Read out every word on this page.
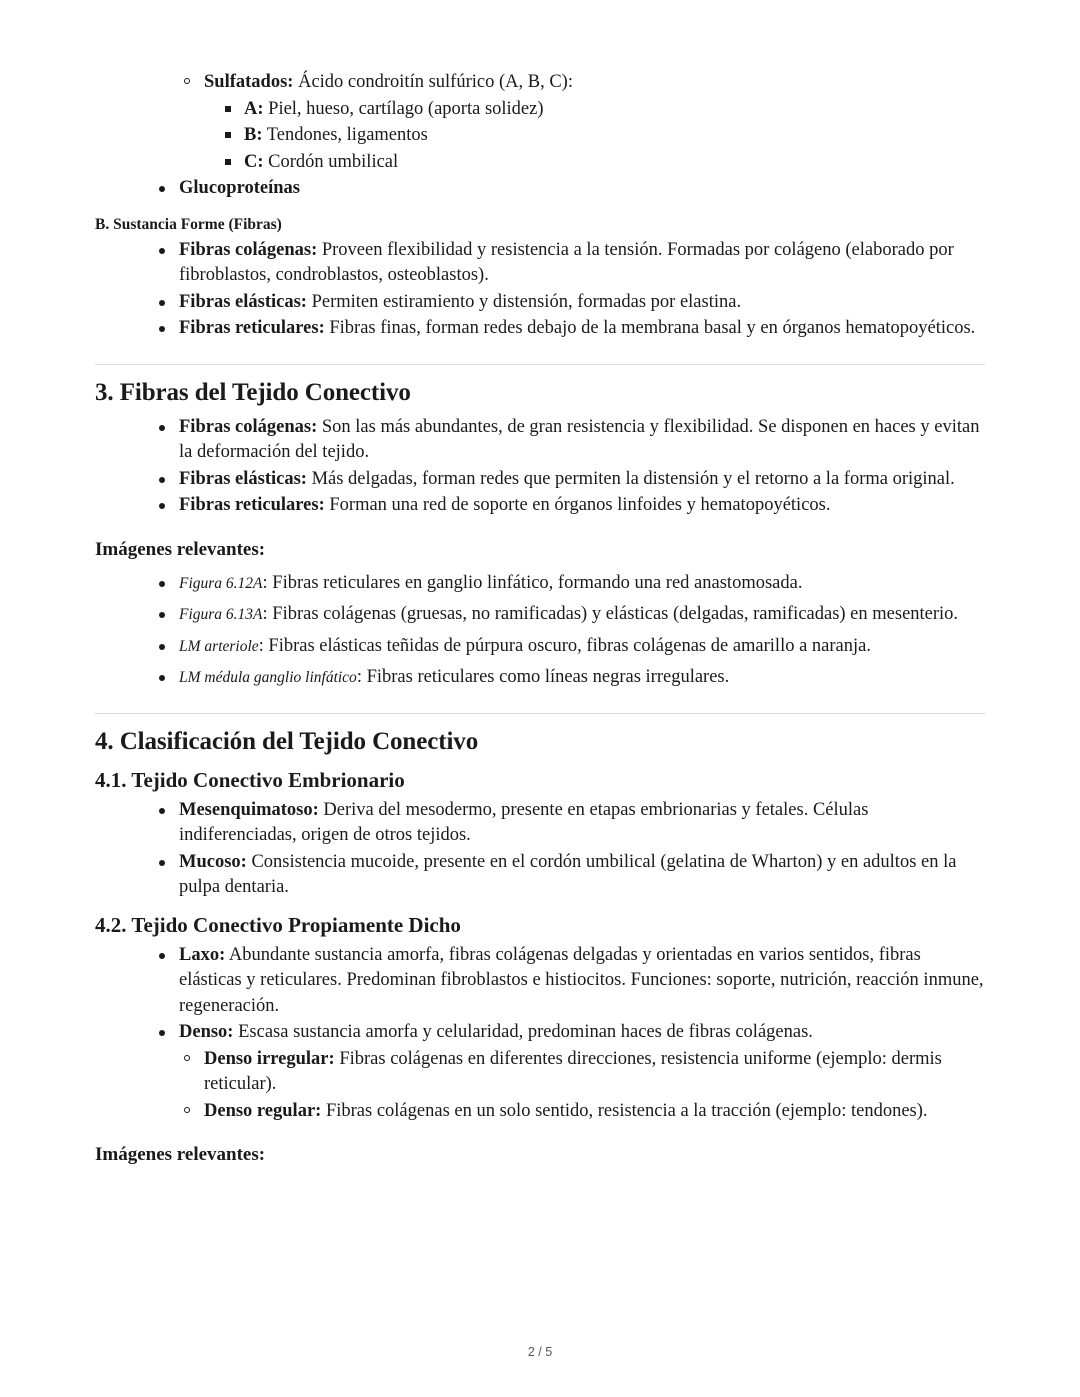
Sulfatados: Ácido condroitín sulfúrico (A, B, C):
A: Piel, hueso, cartílago (aporta solidez)
B: Tendones, ligamentos
C: Cordón umbilical
Glucoproteínas
B. Sustancia Forme (Fibras)
Fibras colágenas: Proveen flexibilidad y resistencia a la tensión. Formadas por colágeno (elaborado por fibroblastos, condroblastos, osteoblastos).
Fibras elásticas: Permiten estiramiento y distensión, formadas por elastina.
Fibras reticulares: Fibras finas, forman redes debajo de la membrana basal y en órganos hematopoyéticos.
3. Fibras del Tejido Conectivo
Fibras colágenas: Son las más abundantes, de gran resistencia y flexibilidad. Se disponen en haces y evitan la deformación del tejido.
Fibras elásticas: Más delgadas, forman redes que permiten la distensión y el retorno a la forma original.
Fibras reticulares: Forman una red de soporte en órganos linfoides y hematopoyéticos.
Imágenes relevantes:
Figura 6.12A: Fibras reticulares en ganglio linfático, formando una red anastomosada.
Figura 6.13A: Fibras colágenas (gruesas, no ramificadas) y elásticas (delgadas, ramificadas) en mesenterio.
LM arteriole: Fibras elásticas teñidas de púrpura oscuro, fibras colágenas de amarillo a naranja.
LM médula ganglio linfático: Fibras reticulares como líneas negras irregulares.
4. Clasificación del Tejido Conectivo
4.1. Tejido Conectivo Embrionario
Mesenquimatoso: Deriva del mesodermo, presente en etapas embrionarias y fetales. Células indiferenciadas, origen de otros tejidos.
Mucoso: Consistencia mucoide, presente en el cordón umbilical (gelatina de Wharton) y en adultos en la pulpa dentaria.
4.2. Tejido Conectivo Propiamente Dicho
Laxo: Abundante sustancia amorfa, fibras colágenas delgadas y orientadas en varios sentidos, fibras elásticas y reticulares. Predominan fibroblastos e histiocitos. Funciones: soporte, nutrición, reacción inmune, regeneración.
Denso: Escasa sustancia amorfa y celularidad, predominan haces de fibras colágenas.
Denso irregular: Fibras colágenas en diferentes direcciones, resistencia uniforme (ejemplo: dermis reticular).
Denso regular: Fibras colágenas en un solo sentido, resistencia a la tracción (ejemplo: tendones).
Imágenes relevantes:
2 / 5
